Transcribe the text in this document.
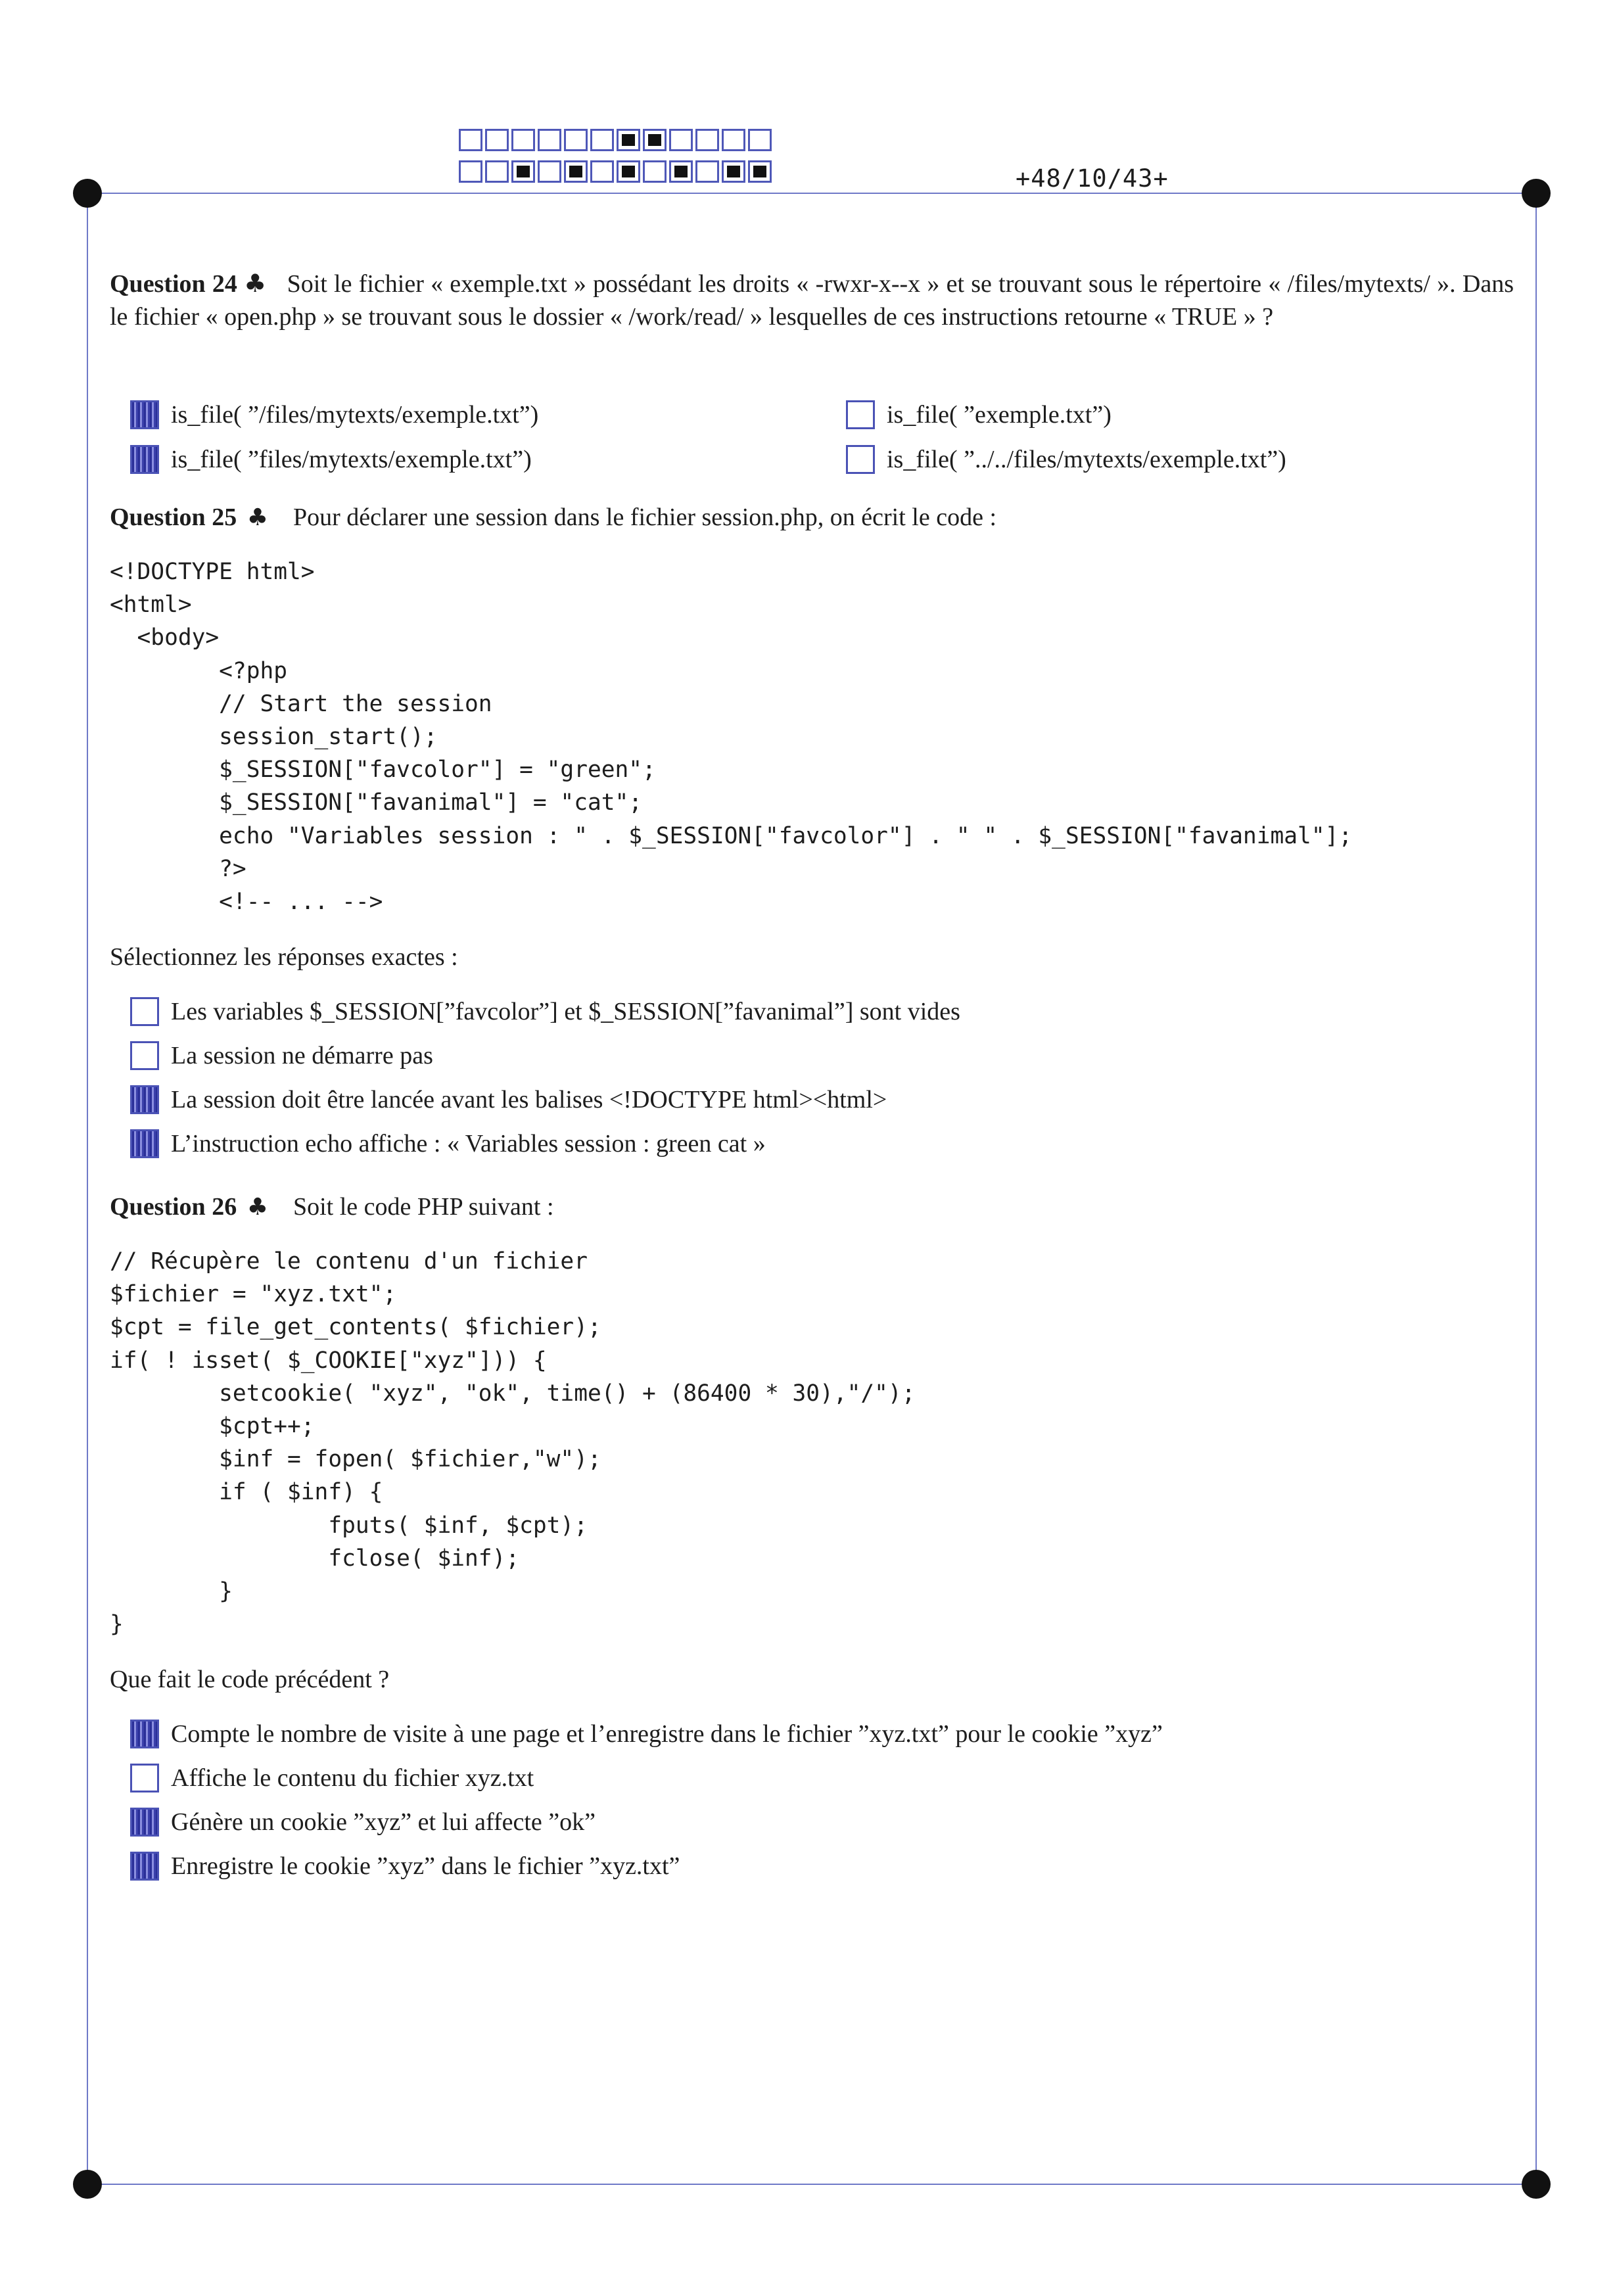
+48/10/43+
Question 24 ♣ Soit le fichier « exemple.txt » possédant les droits « -rwxr-x--x » et se trouvant sous le répertoire « /files/mytexts/ ». Dans le fichier « open.php » se trouvant sous le dossier « /work/read/ » lesquelles de ces instructions retourne « TRUE » ?
is_file( ”/files/mytexts/exemple.txt”)	is_file( ”exemple.txt”)
is_file( ”files/mytexts/exemple.txt”)	is_file( ”../../files/mytexts/exemple.txt”)
Question 25 ♣ Pour déclarer une session dans le fichier session.php, on écrit le code :
<!DOCTYPE html>
<html>
<body>
<?php
// Start the session
session_start();
$_SESSION["favcolor"] = "green";
$_SESSION["favanimal"] = "cat";
echo "Variables session : " . $_SESSION["favcolor"] . " " . $_SESSION["favanimal"];
?>
<!-- ... -->
Sélectionnez les réponses exactes :
Les variables $_SESSION[”favcolor”] et $_SESSION[”favanimal”] sont vides
La session ne démarre pas
La session doit être lancée avant les balises <!DOCTYPE html><html>
L’instruction echo affiche : « Variables session : green cat »
Question 26 ♣ Soit le code PHP suivant :
// Récupère le contenu d'un fichier
$fichier = "xyz.txt";
$cpt = file_get_contents( $fichier);
if( ! isset( $_COOKIE["xyz"])) {
setcookie( "xyz", "ok", time() + (86400 * 30),"/");
$cpt++;
$inf = fopen( $fichier,"w");
if ( $inf) {
fputs( $inf, $cpt);
fclose( $inf);
}
}
Que fait le code précédent ?
Compte le nombre de visite à une page et l’enregistre dans le fichier ”xyz.txt” pour le cookie ”xyz”
Affiche le contenu du fichier xyz.txt
Génère un cookie ”xyz” et lui affecte ”ok”
Enregistre le cookie ”xyz” dans le fichier ”xyz.txt”
